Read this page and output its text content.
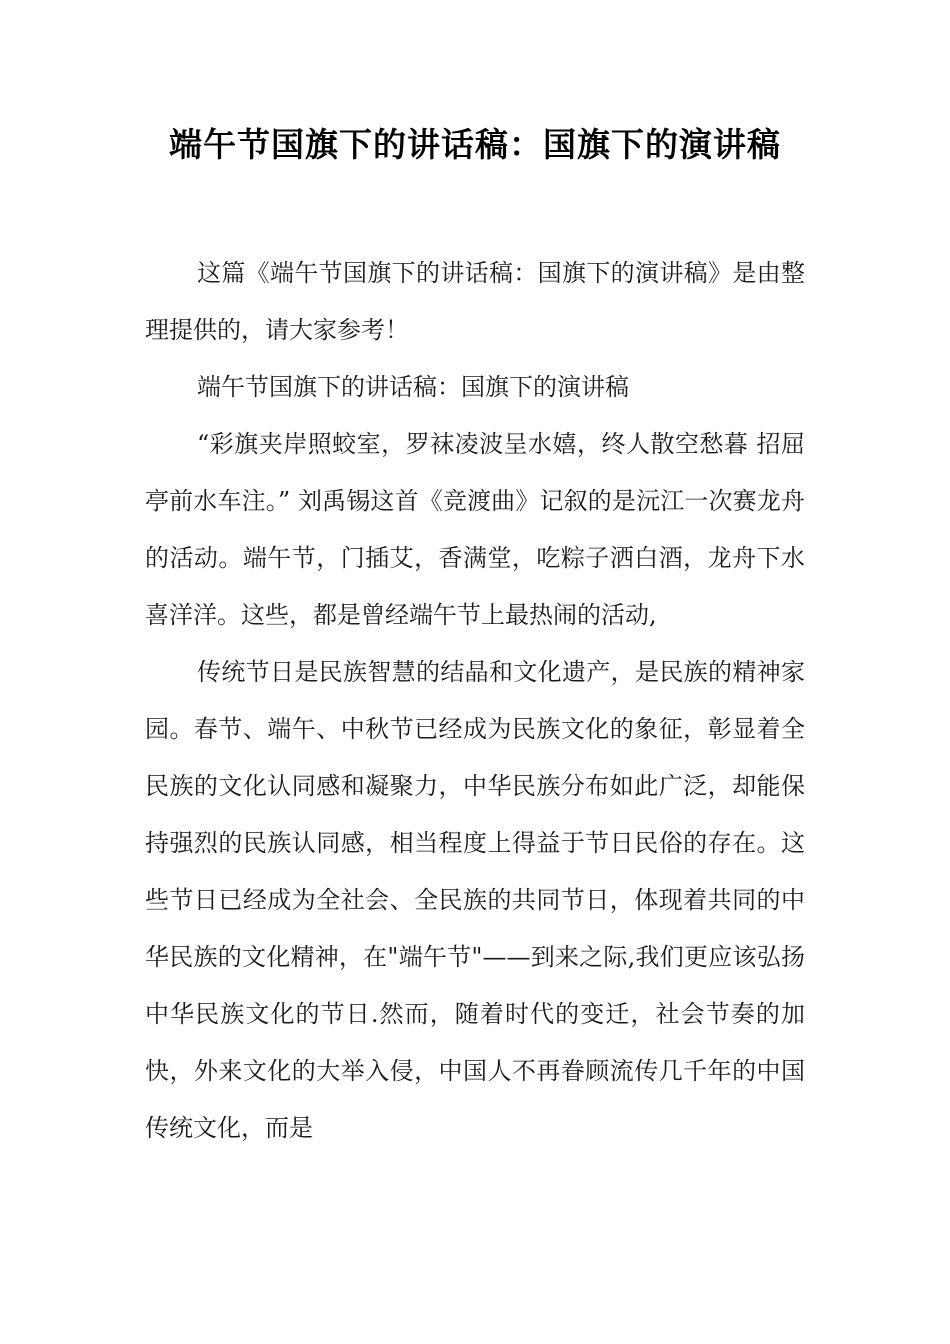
端午节国旗下的讲话稿：国旗下的演讲稿

这篇《端午节国旗下的讲话稿：国旗下的演讲稿》是由整理提供的，请大家参考！

端午节国旗下的讲话稿：国旗下的演讲稿

“彩旗夹岸照蛟室，罗袜凌波呈水嬉，终人散空愁暮 招屈亭前水车注。” 刘禹锡这首《竞渡曲》记叙的是沅江一次赛龙舟的活动。端午节，门插艾，香满堂，吃粽子洒白酒，龙舟下水喜洋洋。这些，都是曾经端午节上最热闹的活动,

传统节日是民族智慧的结晶和文化遗产，是民族的精神家园。春节、端午、中秋节已经成为民族文化的象征，彰显着全民族的文化认同感和凝聚力，中华民族分布如此广泛，却能保持强烈的民族认同感，相当程度上得益于节日民俗的存在。这些节日已经成为全社会、全民族的共同节日，体现着共同的中华民族的文化精神，在"端午节"——到来之际,我们更应该弘扬中华民族文化的节日.然而，随着时代的变迁，社会节奏的加快，外来文化的大举入侵，中国人不再眷顾流传几千年的中国传统文化，而是
